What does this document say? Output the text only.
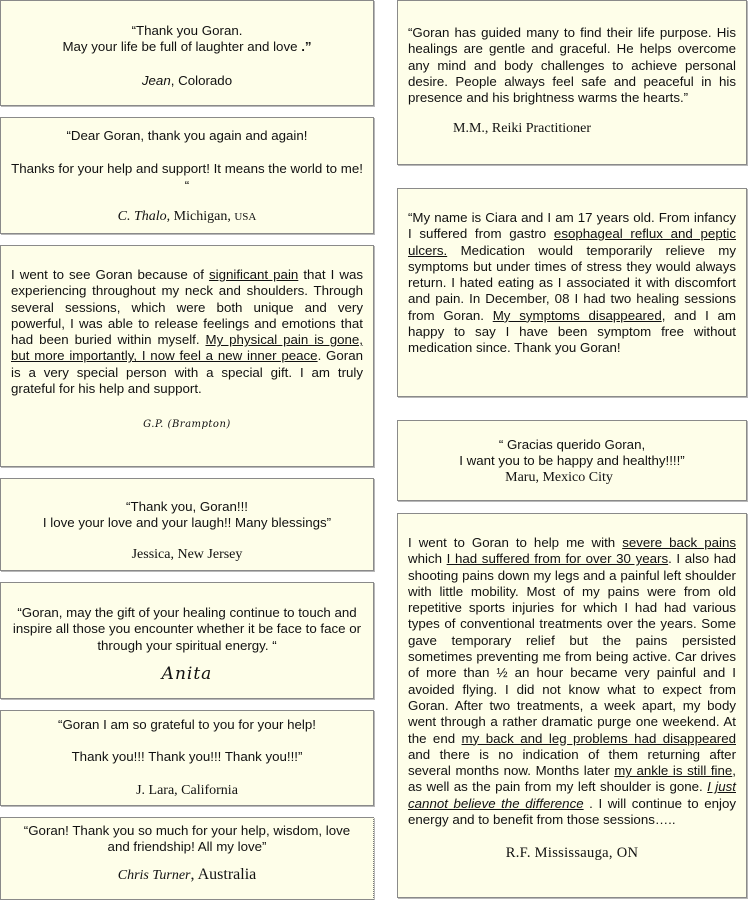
“Thank you Goran.

May your life be full of laughter and love .”

Jean, Colorado

“Dear Goran, thank you again and again!

Thanks for your help and support! It means the world to me! “

C. Thalo, Michigan, USA

I went to see Goran because of significant pain that I was experiencing throughout my neck and shoulders. Through several sessions, which were both unique and very powerful, I was able to release feelings and emotions that had been buried within myself. My physical pain is gone, but more importantly, I now feel a new inner peace. Goran is a very special person with a special gift. I am truly grateful for his help and support.

G.P. (Brampton)

“Thank you, Goran!!!

I love your love and your laugh!! Many blessings”

Jessica, New Jersey

“Goran, may the gift of your healing continue to touch and inspire all those you encounter whether it be face to face or through your spiritual energy. “

Anita

“Goran I am so grateful to you for your help!

Thank you!!! Thank you!!! Thank you!!!”

J. Lara, California

“Goran! Thank you so much for your help, wisdom, love and friendship! All my love”

Chris Turner, Australia

“Goran has guided many to find their life purpose. His healings are gentle and graceful. He helps overcome any mind and body challenges to achieve personal desire. People always feel safe and peaceful in his presence and his brightness warms the hearts.”

M.M., Reiki Practitioner

“My name is Ciara and I am 17 years old. From infancy I suffered from gastro esophageal reflux and peptic ulcers. Medication would temporarily relieve my symptoms but under times of stress they would always return. I hated eating as I associated it with discomfort and pain. In December, 08 I had two healing sessions from Goran. My symptoms disappeared, and I am happy to say I have been symptom free without medication since. Thank you Goran!

“ Gracias querido Goran,

I want you to be happy and healthy!!!!”

Maru, Mexico City

I went to Goran to help me with severe back pains which I had suffered from for over 30 years. I also had shooting pains down my legs and a painful left shoulder with little mobility. Most of my pains were from old repetitive sports injuries for which I had had various types of conventional treatments over the years. Some gave temporary relief but the pains persisted sometimes preventing me from being active. Car drives of more than ½ an hour became very painful and I avoided flying. I did not know what to expect from Goran. After two treatments, a week apart, my body went through a rather dramatic purge one weekend. At the end my back and leg problems had disappeared and there is no indication of them returning after several months now. Months later my ankle is still fine, as well as the pain from my left shoulder is gone. I just cannot believe the difference . I will continue to enjoy energy and to benefit from those sessions…..

R.F. Mississauga, ON
